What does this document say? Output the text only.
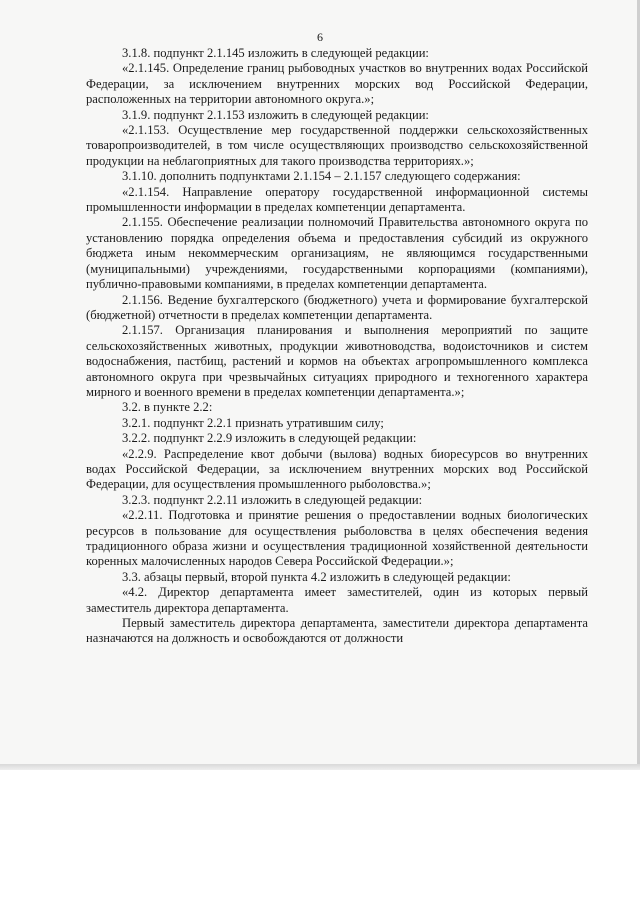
6

3.1.8. подпункт 2.1.145 изложить в следующей редакции:

«2.1.145. Определение границ рыбоводных участков во внутренних водах Российской Федерации, за исключением внутренних морских вод Российской Федерации, расположенных на территории автономного округа.»;

3.1.9. подпункт 2.1.153 изложить в следующей редакции:

«2.1.153. Осуществление мер государственной поддержки сельскохозяйственных товаропроизводителей, в том числе осуществляющих производство сельскохозяйственной продукции на неблагоприятных для такого производства территориях.»;

3.1.10. дополнить подпунктами 2.1.154 – 2.1.157 следующего содержания:

«2.1.154. Направление оператору государственной информационной системы промышленности информации в пределах компетенции департамента.

2.1.155. Обеспечение реализации полномочий Правительства автономного округа по установлению порядка определения объема и предоставления субсидий из окружного бюджета иным некоммерческим организациям, не являющимся государственными (муниципальными) учреждениями, государственными корпорациями (компаниями), публично-правовыми компаниями, в пределах компетенции департамента.

2.1.156. Ведение бухгалтерского (бюджетного) учета и формирование бухгалтерской (бюджетной) отчетности в пределах компетенции департамента.

2.1.157. Организация планирования и выполнения мероприятий по защите сельскохозяйственных животных, продукции животноводства, водоисточников и систем водоснабжения, пастбищ, растений и кормов на объектах агропромышленного комплекса автономного округа при чрезвычайных ситуациях природного и техногенного характера мирного и военного времени в пределах компетенции департамента.»;

3.2. в пункте 2.2:

3.2.1. подпункт 2.2.1 признать утратившим силу;

3.2.2. подпункт 2.2.9 изложить в следующей редакции:

«2.2.9. Распределение квот добычи (вылова) водных биоресурсов во внутренних водах Российской Федерации, за исключением внутренних морских вод Российской Федерации, для осуществления промышленного рыболовства.»;

3.2.3. подпункт 2.2.11 изложить в следующей редакции:

«2.2.11. Подготовка и принятие решения о предоставлении водных биологических ресурсов в пользование для осуществления рыболовства в целях обеспечения ведения традиционного образа жизни и осуществления традиционной хозяйственной деятельности коренных малочисленных народов Севера Российской Федерации.»;

3.3. абзацы первый, второй пункта 4.2 изложить в следующей редакции:

«4.2. Директор департамента имеет заместителей, один из которых первый заместитель директора департамента.

Первый заместитель директора департамента, заместители директора департамента назначаются на должность и освобождаются от должности
